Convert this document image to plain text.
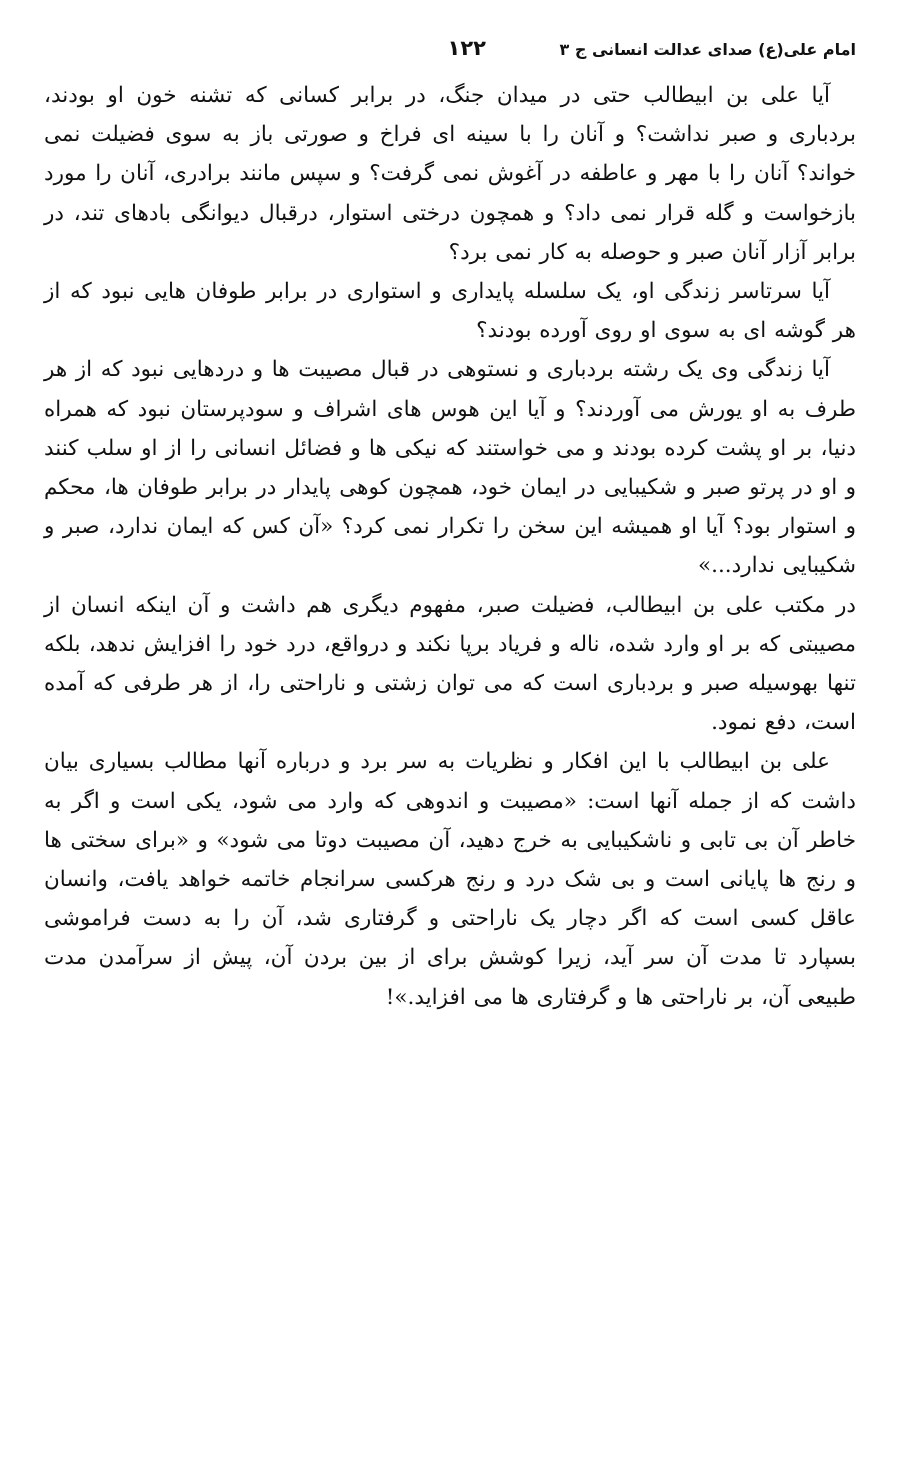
امام علی(ع) صدای عدالت انسانی ج ۳
۱۲۲

آیا علی بن ابیطالب حتی در میدان جنگ، در برابر کسانی که تشنه خون او بودند، بردباری و صبر نداشت؟ و آنان را با سینه ای فراخ و صورتی باز به سوی فضیلت نمی خواند؟ آنان را با مهر و عاطفه در آغوش نمی گرفت؟ و سپس مانند برادری، آنان را مورد بازخواست و گله قرار نمی داد؟ و همچون درختی استوار، درقبال دیوانگی بادهای تند، در برابر آزار آنان صبر و حوصله به کار نمی برد؟

آیا سرتاسر زندگی او، یک سلسله پایداری و استواری در برابر طوفان هایی نبود که از هر گوشه ای به سوی او روی آورده بودند؟

آیا زندگی وی یک رشته بردباری و نستوهی در قبال مصیبت ها و دردهایی نبود که از هر طرف به او یورش می آوردند؟ و آیا این هوس های اشراف و سودپرستان نبود که همراه دنیا، بر او پشت کرده بودند و می خواستند که نیکی ها و فضائل انسانی را از او سلب کنند و او در پرتو صبر و شکیبایی در ایمان خود، همچون کوهی پایدار در برابر طوفان ها، محکم و استوار بود؟ آیا او همیشه این سخن را تکرار نمی کرد؟ «آن کس که ایمان ندارد، صبر و شکیبایی ندارد...»

در مکتب علی بن ابیطالب، فضیلت صبر، مفهوم دیگری هم داشت و آن اینکه انسان از مصیبتی که بر او وارد شده، ناله و فریاد برپا نکند و درواقع، درد خود را افزایش ندهد، بلکه تنها بهوسیله صبر و بردباری است که می توان زشتی و ناراحتی را، از هر طرفی که آمده است، دفع نمود.

علی بن ابیطالب با این افکار و نظریات به سر برد و درباره آنها مطالب بسیاری بیان داشت که از جمله آنها است: «مصیبت و اندوهی که وارد می شود، یکی است و اگر به خاطر آن بی تابی و ناشکیبایی به خرج دهید، آن مصیبت دوتا می شود» و «برای سختی ها و رنج ها پایانی است و بی شک درد و رنج هرکسی سرانجام خاتمه خواهد یافت، وانسان عاقل کسی است که اگر دچار یک ناراحتی و گرفتاری شد، آن را به دست فراموشی بسپارد تا مدت آن سر آید، زیرا کوشش برای از بین بردن آن، پیش از سرآمدن مدت طبیعی آن، بر ناراحتی ها و گرفتاری ها می افزاید.»!
